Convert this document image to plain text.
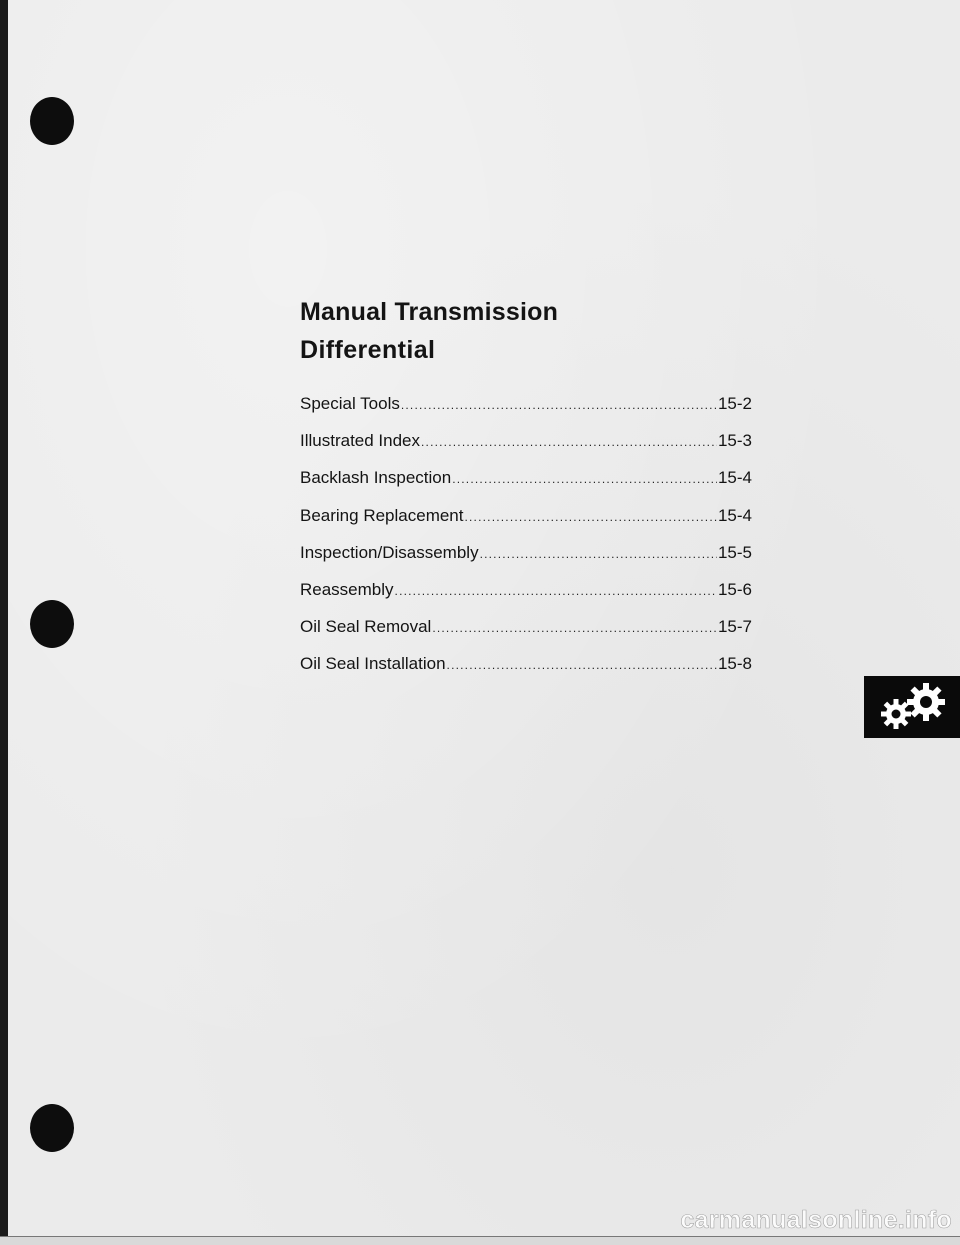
Manual Transmission
Differential
Special Tools .....	15-2
Illustrated Index .....	15-3
Backlash Inspection .....	15-4
Bearing Replacement .....	15-4
Inspection/Disassembly .....	15-5
Reassembly .....	15-6
Oil Seal Removal .....	15-7
Oil Seal Installation .....	15-8
carmanualsonline.info
